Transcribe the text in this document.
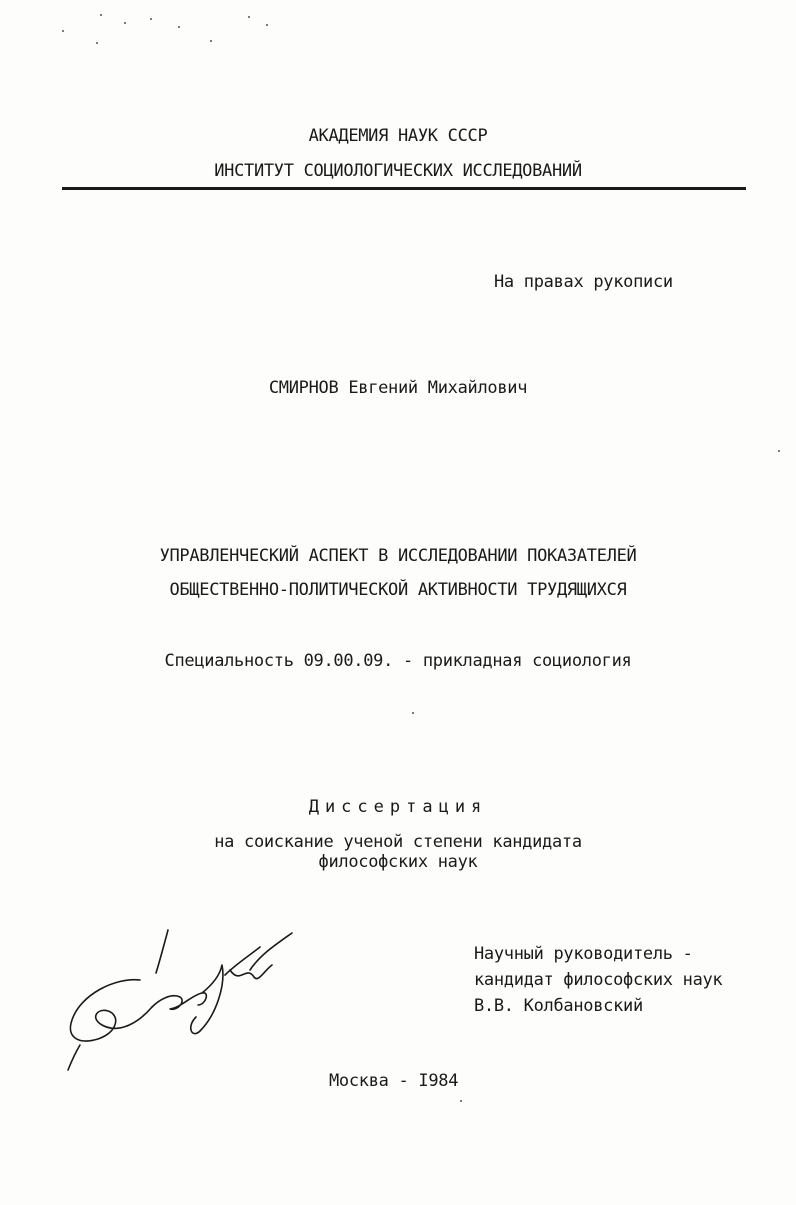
АКАДЕМИЯ НАУК СССР
ИНСТИТУТ СОЦИОЛОГИЧЕСКИХ ИССЛЕДОВАНИЙ
На правах рукописи
СМИРНОВ Евгений Михайлович
УПРАВЛЕНЧЕСКИЙ АСПЕКТ В ИССЛЕДОВАНИИ ПОКАЗАТЕЛЕЙ
ОБЩЕСТВЕННО-ПОЛИТИЧЕСКОЙ АКТИВНОСТИ ТРУДЯЩИХСЯ
Специальность 09.00.09. - прикладная социология
Диссертация
на соискание ученой степени кандидата
философских наук
Научный руководитель -
кандидат философских наук
В.В. Колбановский
Москва - I984
